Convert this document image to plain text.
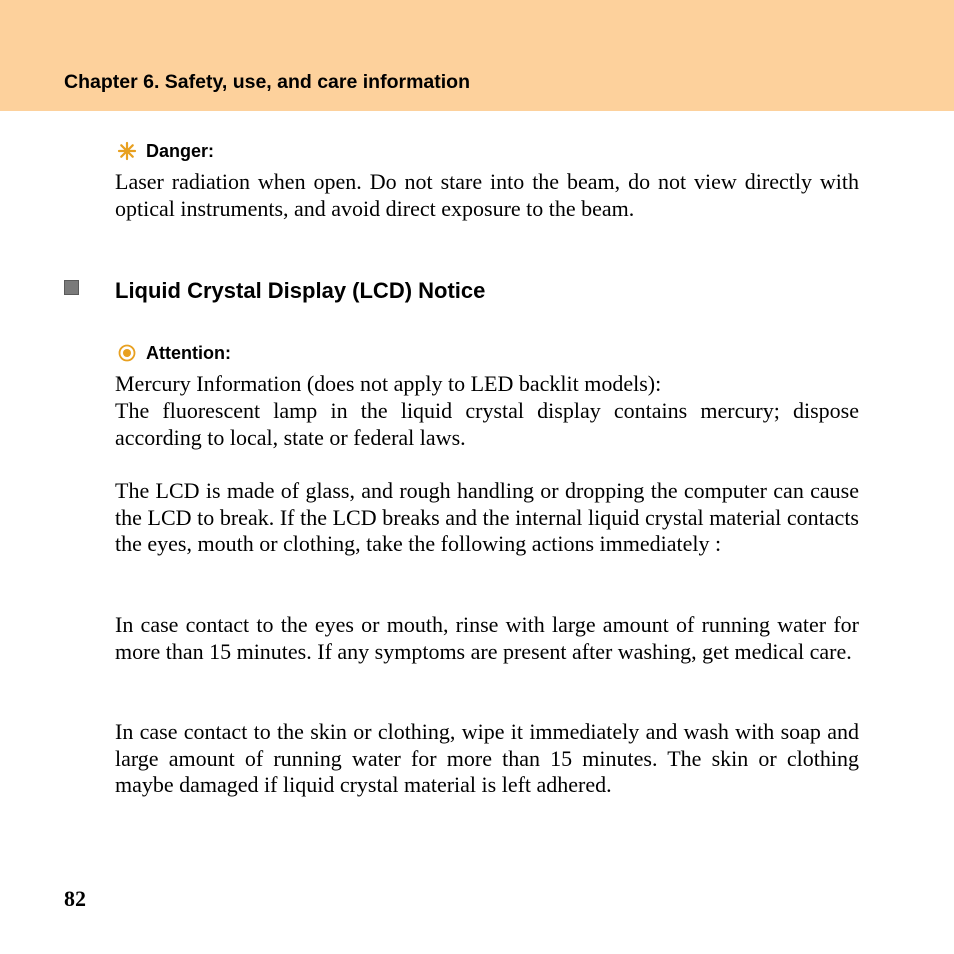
Chapter 6. Safety, use, and care information
Danger:
Laser radiation when open. Do not stare into the beam, do not view directly with optical instruments, and avoid direct exposure to the beam.
Liquid Crystal Display (LCD) Notice
Attention:
Mercury Information (does not apply to LED backlit models):
The fluorescent lamp in the liquid crystal display contains mercury; dispose according to local, state or federal laws.
The LCD is made of glass, and rough handling or dropping the computer can cause the LCD to break. If the LCD breaks and the internal liquid crystal material contacts the eyes, mouth or clothing, take the following actions immediately :
In case contact to the eyes or mouth, rinse with large amount of running water for more than 15 minutes. If any symptoms are present after washing, get medical care.
In case contact to the skin or clothing, wipe it immediately and wash with soap and large amount of running water for more than 15 minutes. The skin or clothing maybe damaged if liquid crystal material is left adhered.
82
